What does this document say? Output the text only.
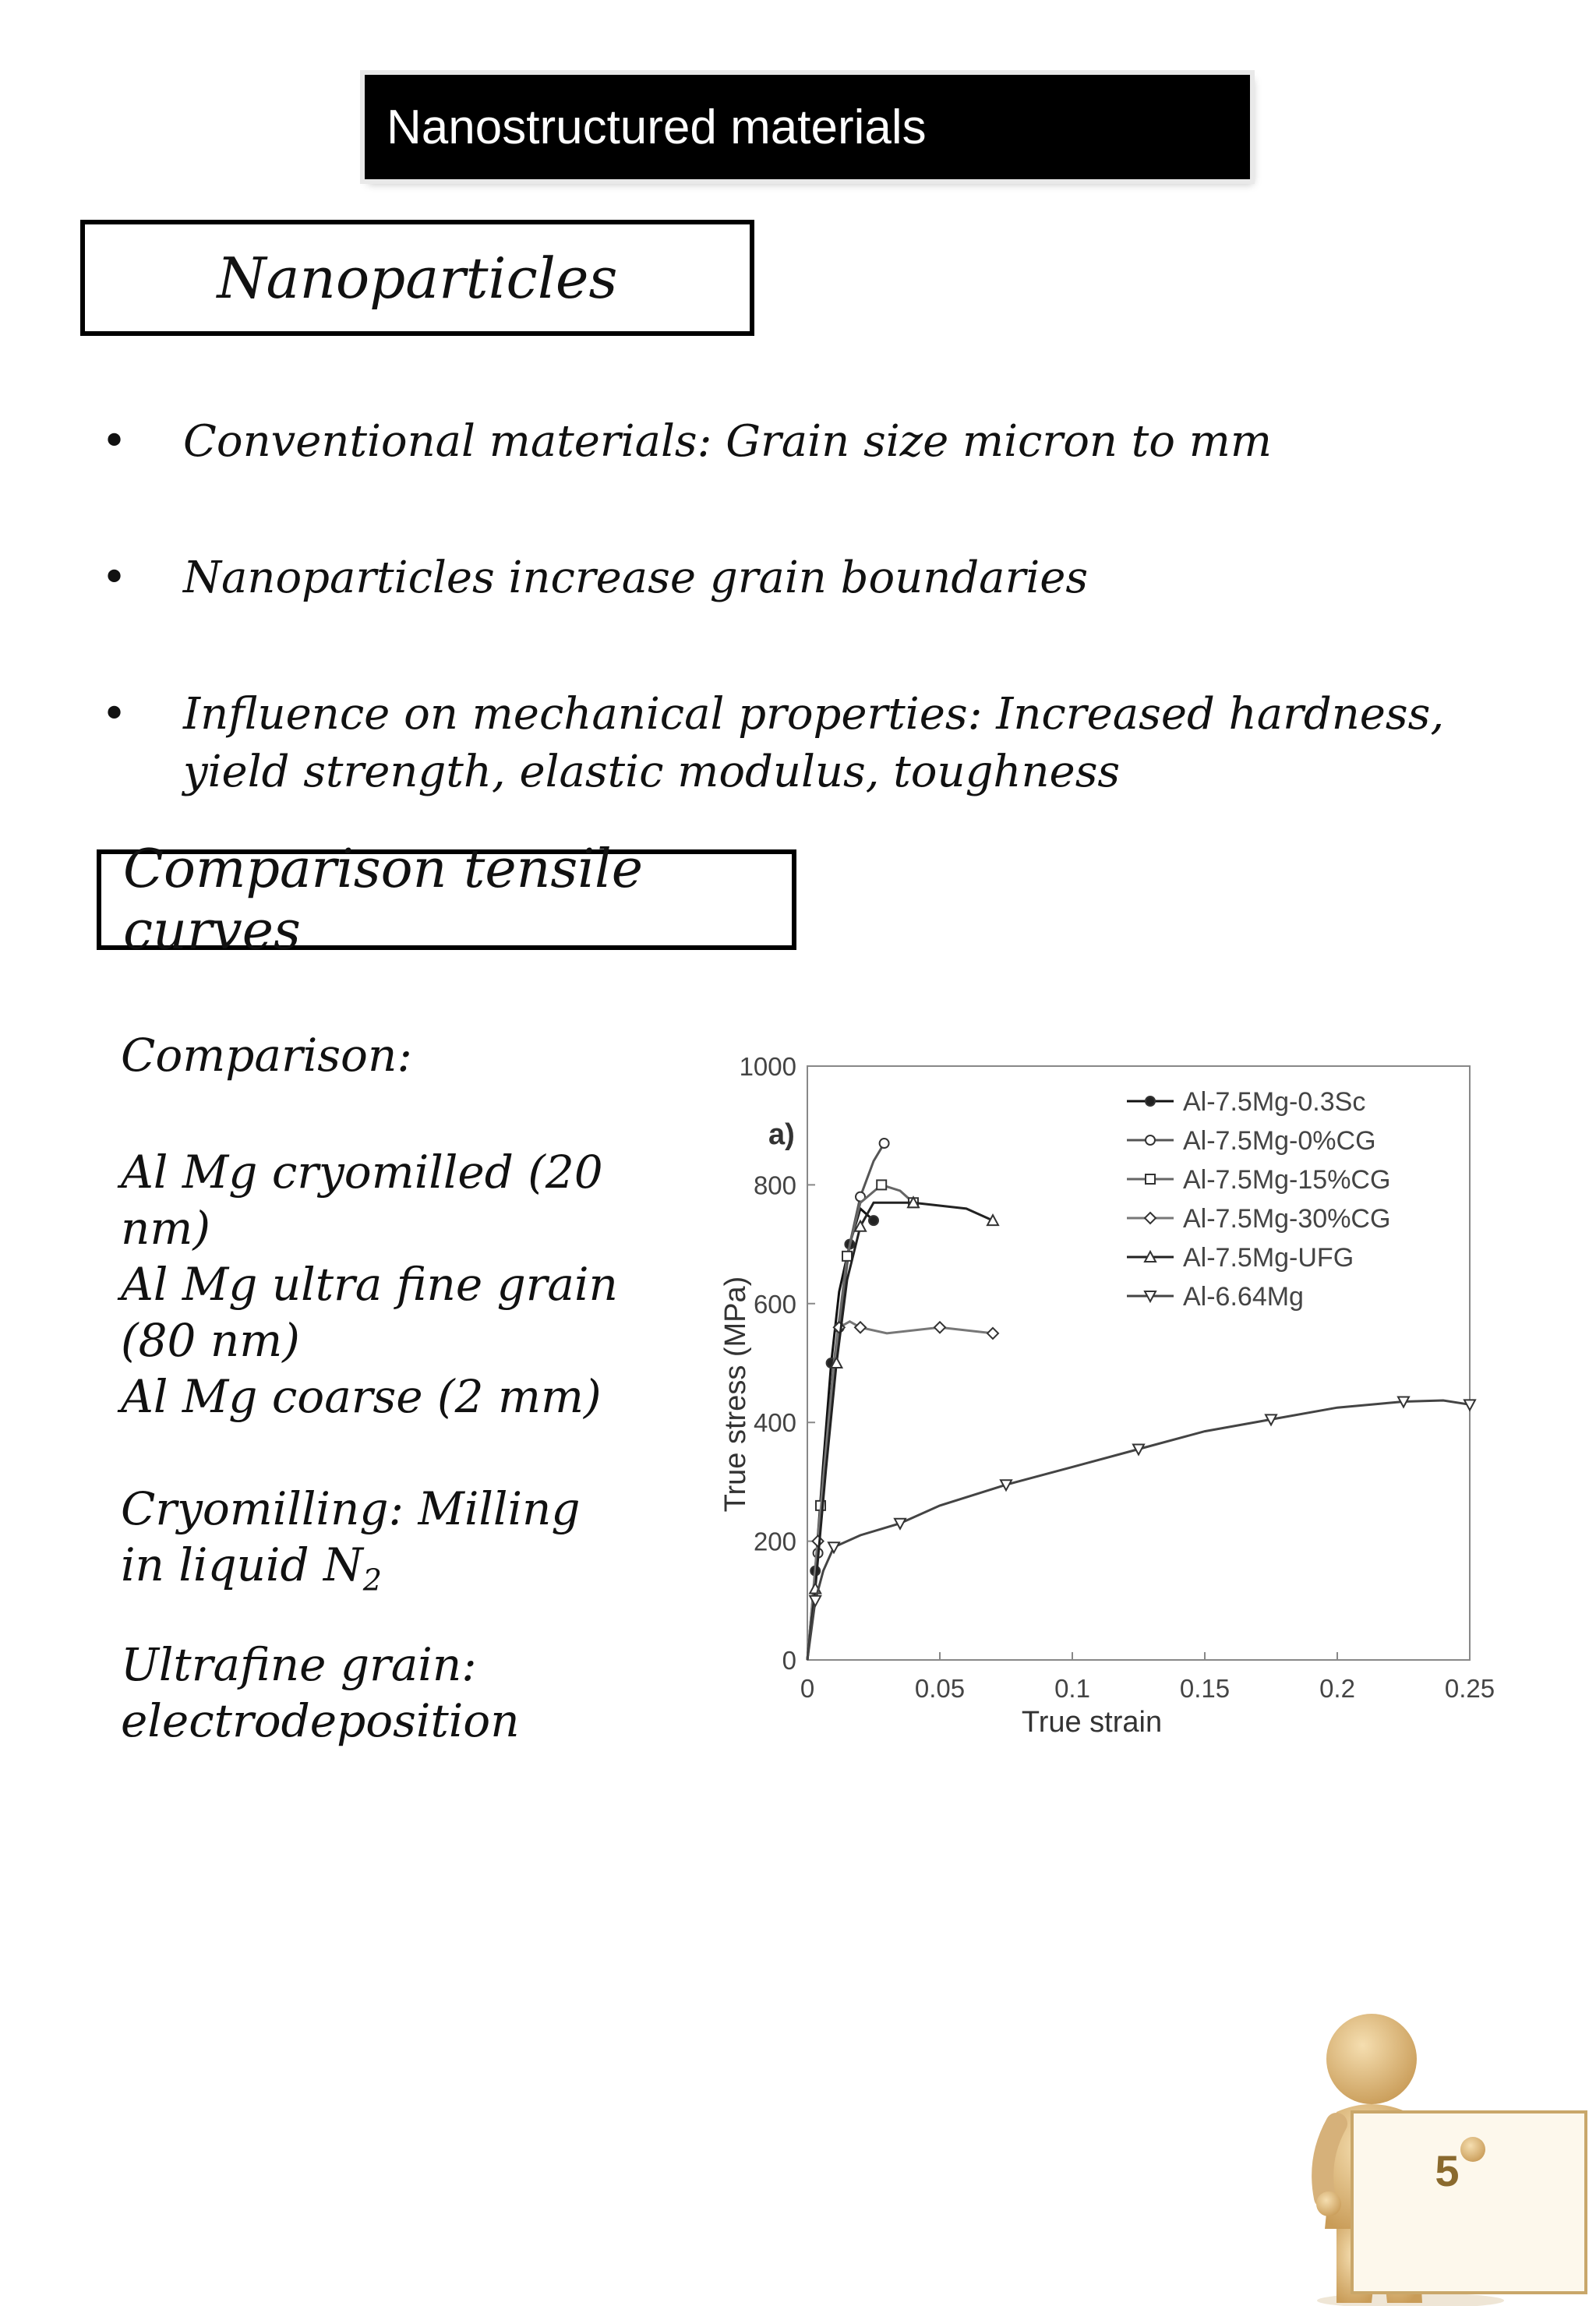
Nanostructured materials
Nanoparticles
• Conventional materials: Grain size micron to mm
• Nanoparticles increase grain boundaries
• Influence on mechanical properties: Increased hardness, yield strength, elastic modulus, toughness
Comparison tensile curves
Comparison:
Al Mg cryomilled (20 nm)
Al Mg ultra fine grain (80 nm)
Al Mg coarse (2 mm)
Cryomilling: Milling in liquid $N_2$
Ultrafine grain: electrodeposition
0	0.05	0.1	0.15	0.2	0.25
0
200
400
600
800
1000
True strain
True stress (MPa)
a)
Al-7.5Mg-0.3Sc
Al-7.5Mg-0%CG
Al-7.5Mg-15%CG
Al-7.5Mg-30%CG
Al-7.5Mg-UFG
Al-6.64Mg
5
